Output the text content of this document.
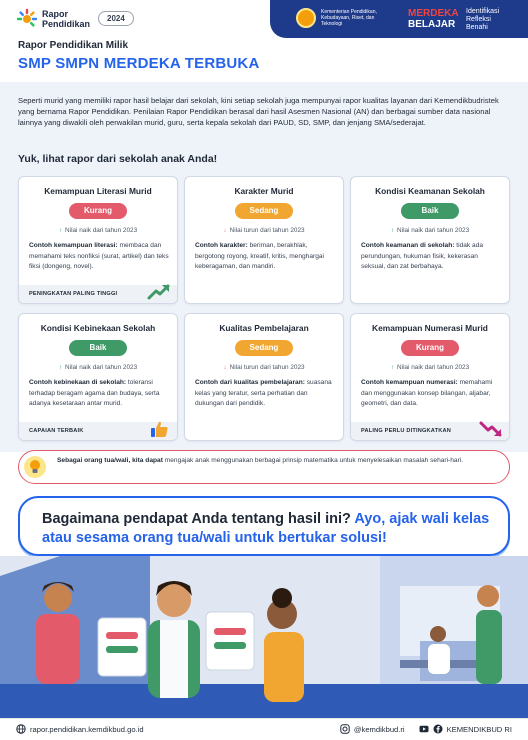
Rapor
Pendidikan
2024
Kementerian Pendidikan, Kebudayaan, Riset, dan Teknologi
MERDEKA
BELAJAR
Identifikasi
Refleksi
Benahi
Rapor Pendidikan Milik
SMP SMPN MERDEKA TERBUKA

Seperti murid yang memiliki rapor hasil belajar dari sekolah, kini setiap sekolah juga mempunyai rapor kualitas layanan dari Kemendikbudristek yang bernama Rapor Pendidikan. Penilaian Rapor Pendidikan berasal dari hasil Asesmen Nasional (AN) dan berbagai sumber data nasional lainnya yang diwakili oleh perwakilan murid, guru, serta kepala sekolah dari PAUD, SD, SMP, dan jenjang SMA/sederajat.

Yuk, lihat rapor dari sekolah anak Anda!
Kemampuan Literasi Murid
Kurang
↑ Nilai naik dari tahun 2023
Contoh kemampuan literasi: membaca dan memahami teks nonfiksi (surat, artikel) dan teks fiksi (dongeng, novel).
PENINGKATAN PALING TINGGI
Karakter Murid
Sedang
↓ Nilai turun dari tahun 2023
Contoh karakter: beriman, berakhlak, bergotong royong, kreatif, kritis, menghargai keberagaman, dan mandiri.
Kondisi Keamanan Sekolah
Baik
↑ Nilai naik dari tahun 2023
Contoh keamanan di sekolah: tidak ada perundungan, hukuman fisik, kekerasan seksual, dan zat berbahaya.
Kondisi Kebinekaan Sekolah
Baik
↑ Nilai naik dari tahun 2023
Contoh kebinekaan di sekolah: toleransi terhadap beragam agama dan budaya, serta adanya kesetaraan antar murid.
CAPAIAN TERBAIK
Kualitas Pembelajaran
Sedang
↓ Nilai turun dari tahun 2023
Contoh dari kualitas pembelajaran: suasana kelas yang teratur, serta perhatian dan dukungan dari pendidik.
Kemampuan Numerasi Murid
Kurang
↑ Nilai naik dari tahun 2023
Contoh kemampuan numerasi: memahami dan menggunakan konsep bilangan, aljabar, geometri, dan data.
PALING PERLU DITINGKATKAN
Sebagai orang tua/wali, kita dapat mengajak anak menggunakan berbagai prinsip matematika untuk menyelesaikan masalah sehari-hari.
Bagaimana pendapat Anda tentang hasil ini? Ayo, ajak wali kelas atau sesama orang tua/wali untuk bertukar solusi!
rapor.pendidikan.kemdikbud.go.id	@kemdikbud.ri	KEMENDIKBUD RI
